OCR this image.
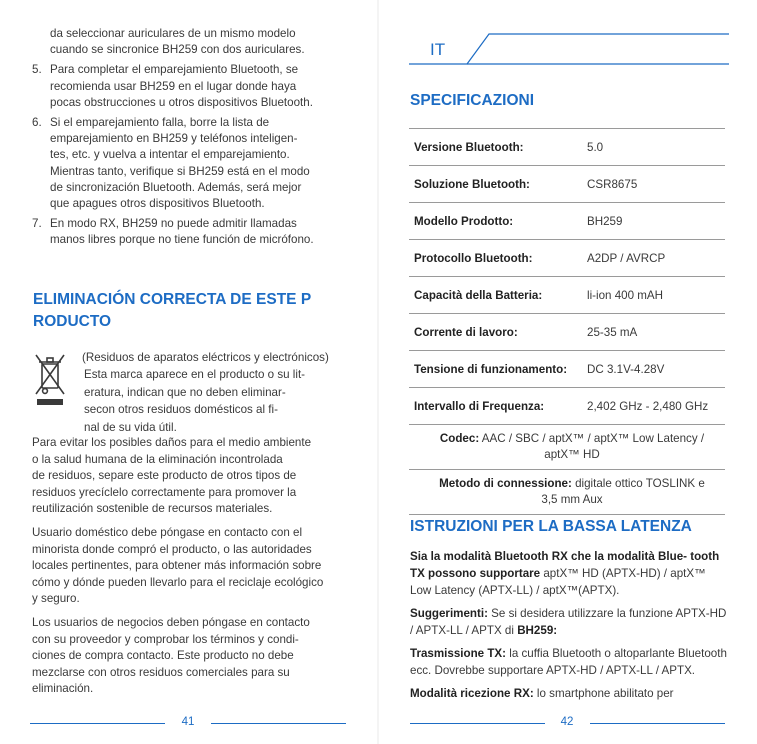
da seleccionar auriculares de un mismo modelo
cuando se sincronice BH259 con dos auriculares.
5. Para completar el emparejamiento Bluetooth, se
recomienda usar BH259 en el lugar donde haya
pocas obstrucciones u otros dispositivos Bluetooth.
6. Si el emparejamiento falla, borre la lista de
emparejamiento en BH259 y teléfonos inteligen-
tes, etc. y vuelva a intentar el emparejamiento.
Mientras tanto, verifique si BH259 está en el modo
de sincronización Bluetooth. Además, será mejor
que apagues otros dispositivos Bluetooth.
7. En modo RX, BH259 no puede admitir llamadas
manos libres porque no tiene función de micrófono.
ELIMINACIÓN CORRECTA DE ESTE P
RODUCTO

(Residuos de aparatos eléctricos y electrónicos)

Esta marca aparece en el producto o su lit-

eratura, indican que no deben eliminar-

secon otros residuos domésticos al fi-

nal de su vida útil.

Para evitar los posibles daños para el medio ambiente
o la salud humana de la eliminación incontrolada
de residuos, separe este producto de otros tipos de
residuos yrecíclelo correctamente para promover la
reutilización sostenible de recursos materiales.

Usuario doméstico debe póngase en contacto con el
minorista donde compró el producto, o las autoridades
locales pertinentes, para obtener más información sobre
cómo y dónde pueden llevarlo para el reciclaje ecológico
y seguro.

Los usuarios de negocios deben póngase en contacto
con su proveedor y comprobar los términos y condi-
ciones de compra contacto. Este producto no debe
mezclarse con otros residuos comerciales para su
eliminación.

41
IT
SPECIFICAZIONI
Versione Bluetooth:	5.0
Soluzione Bluetooth:	CSR8675
Modello Prodotto:	BH259
Protocollo Bluetooth:	A2DP / AVRCP
Capacità della Batteria:	li-ion 400 mAH
Corrente di lavoro:	25-35 mA
Tensione di funzionamento:	DC 3.1V-4.28V
Intervallo di Frequenza:	2,402 GHz - 2,480 GHz
Codec: AAC / SBC / aptX™ / aptX™ Low Latency /
aptX™ HD	
Metodo di connessione: digitale ottico TOSLINK e
3,5 mm Aux	
ISTRUZIONI PER LA BASSA LATENZA

Sia la modalità Bluetooth RX che la modalità Blue- tooth TX possono supportare aptX™ HD (APTX-HD) / aptX™ Low Latency (APTX-LL) / aptX™(APTX).

Suggerimenti: Se si desidera utilizzare la funzione APTX-HD / APTX-LL / APTX di BH259:

Trasmissione TX: la cuffia Bluetooth o altoparlante Bluetooth ecc. Dovrebbe supportare APTX-HD / APTX-LL / APTX.

Modalità ricezione RX: lo smartphone abilitato per

42
